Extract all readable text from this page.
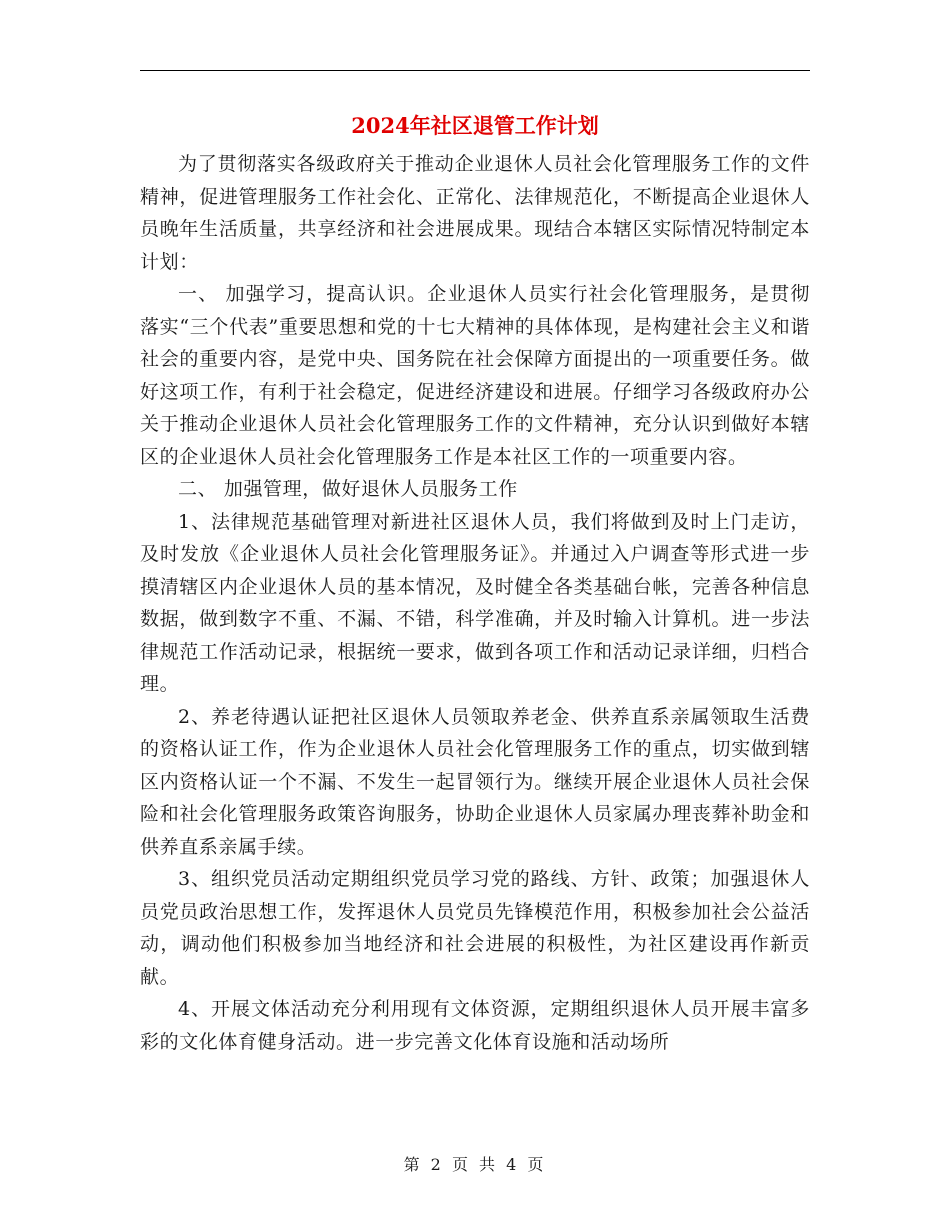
2024年社区退管工作计划

为了贯彻落实各级政府关于推动企业退休人员社会化管理服务工作的文件精神，促进管理服务工作社会化、正常化、法律规范化，不断提高企业退休人员晚年生活质量，共享经济和社会进展成果。现结合本辖区实际情况特制定本计划：

一、 加强学习，提高认识。企业退休人员实行社会化管理服务，是贯彻落实“三个代表”重要思想和党的十七大精神的具体体现，是构建社会主义和谐社会的重要内容，是党中央、国务院在社会保障方面提出的一项重要任务。做好这项工作，有利于社会稳定，促进经济建设和进展。仔细学习各级政府办公关于推动企业退休人员社会化管理服务工作的文件精神，充分认识到做好本辖区的企业退休人员社会化管理服务工作是本社区工作的一项重要内容。

二、 加强管理，做好退休人员服务工作

1、法律规范基础管理对新进社区退休人员，我们将做到及时上门走访，及时发放《企业退休人员社会化管理服务证》。并通过入户调查等形式进一步摸清辖区内企业退休人员的基本情况，及时健全各类基础台帐，完善各种信息数据，做到数字不重、不漏、不错，科学准确，并及时输入计算机。进一步法律规范工作活动记录，根据统一要求，做到各项工作和活动记录详细，归档合理。

2、养老待遇认证把社区退休人员领取养老金、供养直系亲属领取生活费的资格认证工作，作为企业退休人员社会化管理服务工作的重点，切实做到辖区内资格认证一个不漏、不发生一起冒领行为。继续开展企业退休人员社会保险和社会化管理服务政策咨询服务，协助企业退休人员家属办理丧葬补助金和供养直系亲属手续。

3、组织党员活动定期组织党员学习党的路线、方针、政策；加强退休人员党员政治思想工作，发挥退休人员党员先锋模范作用，积极参加社会公益活动，调动他们积极参加当地经济和社会进展的积极性，为社区建设再作新贡献。

4、开展文体活动充分利用现有文体资源，定期组织退休人员开展丰富多彩的文化体育健身活动。进一步完善文化体育设施和活动场所

第 2 页 共 4 页
